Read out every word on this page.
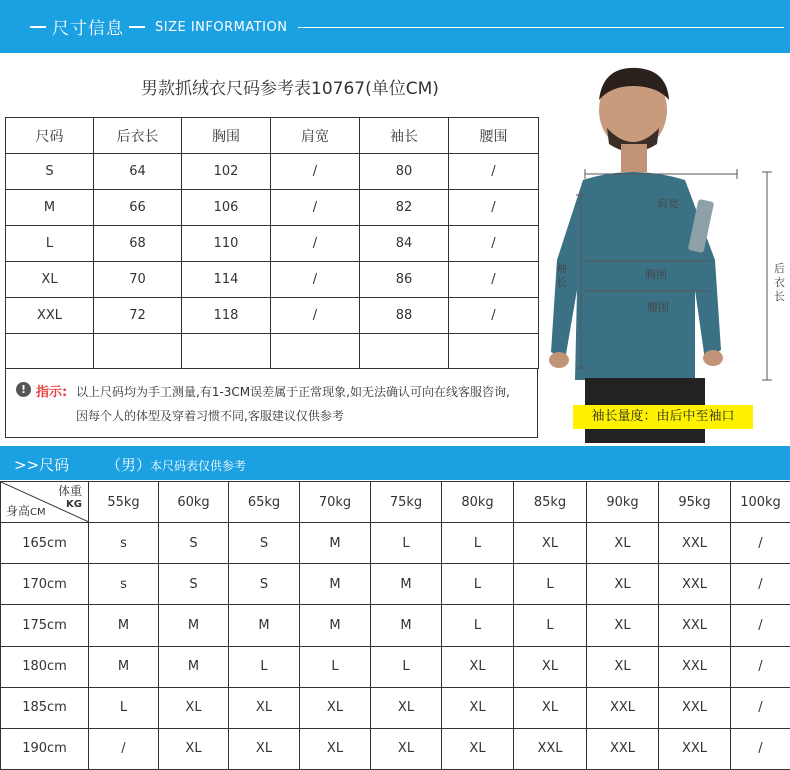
尺寸信息 SIZE INFORMATION
男款抓绒衣尺码参考表10767(单位CM)
尺码	后衣长	胸围	肩宽	袖长	腰围
S	64	102	/	80	/
M	66	106	/	82	/
L	68	110	/	84	/
XL	70	114	/	86	/
XXL	72	118	/	88	/

! 指示: 以上尺码均为手工测量,有1-3CM误差属于正常现象,如无法确认可向在线客服咨询,
因每个人的体型及穿着习惯不同,客服建议仅供参考
肩宽
胸围
腰围
袖长
后衣长
袖长量度：由后中至袖口
>>尺码 （男）
本尺码表仅供参考
体重
KG
身高CM	55kg	60kg	65kg	70kg	75kg	80kg	85kg	90kg	95kg	100kg
165cm	s	S	S	M	L	L	XL	XL	XXL	/
170cm	s	S	S	M	M	L	L	XL	XXL	/
175cm	M	M	M	M	M	L	L	XL	XXL	/
180cm	M	M	L	L	L	XL	XL	XL	XXL	/
185cm	L	XL	XL	XL	XL	XL	XL	XXL	XXL	/
190cm	/	XL	XL	XL	XL	XL	XXL	XXL	XXL	/
